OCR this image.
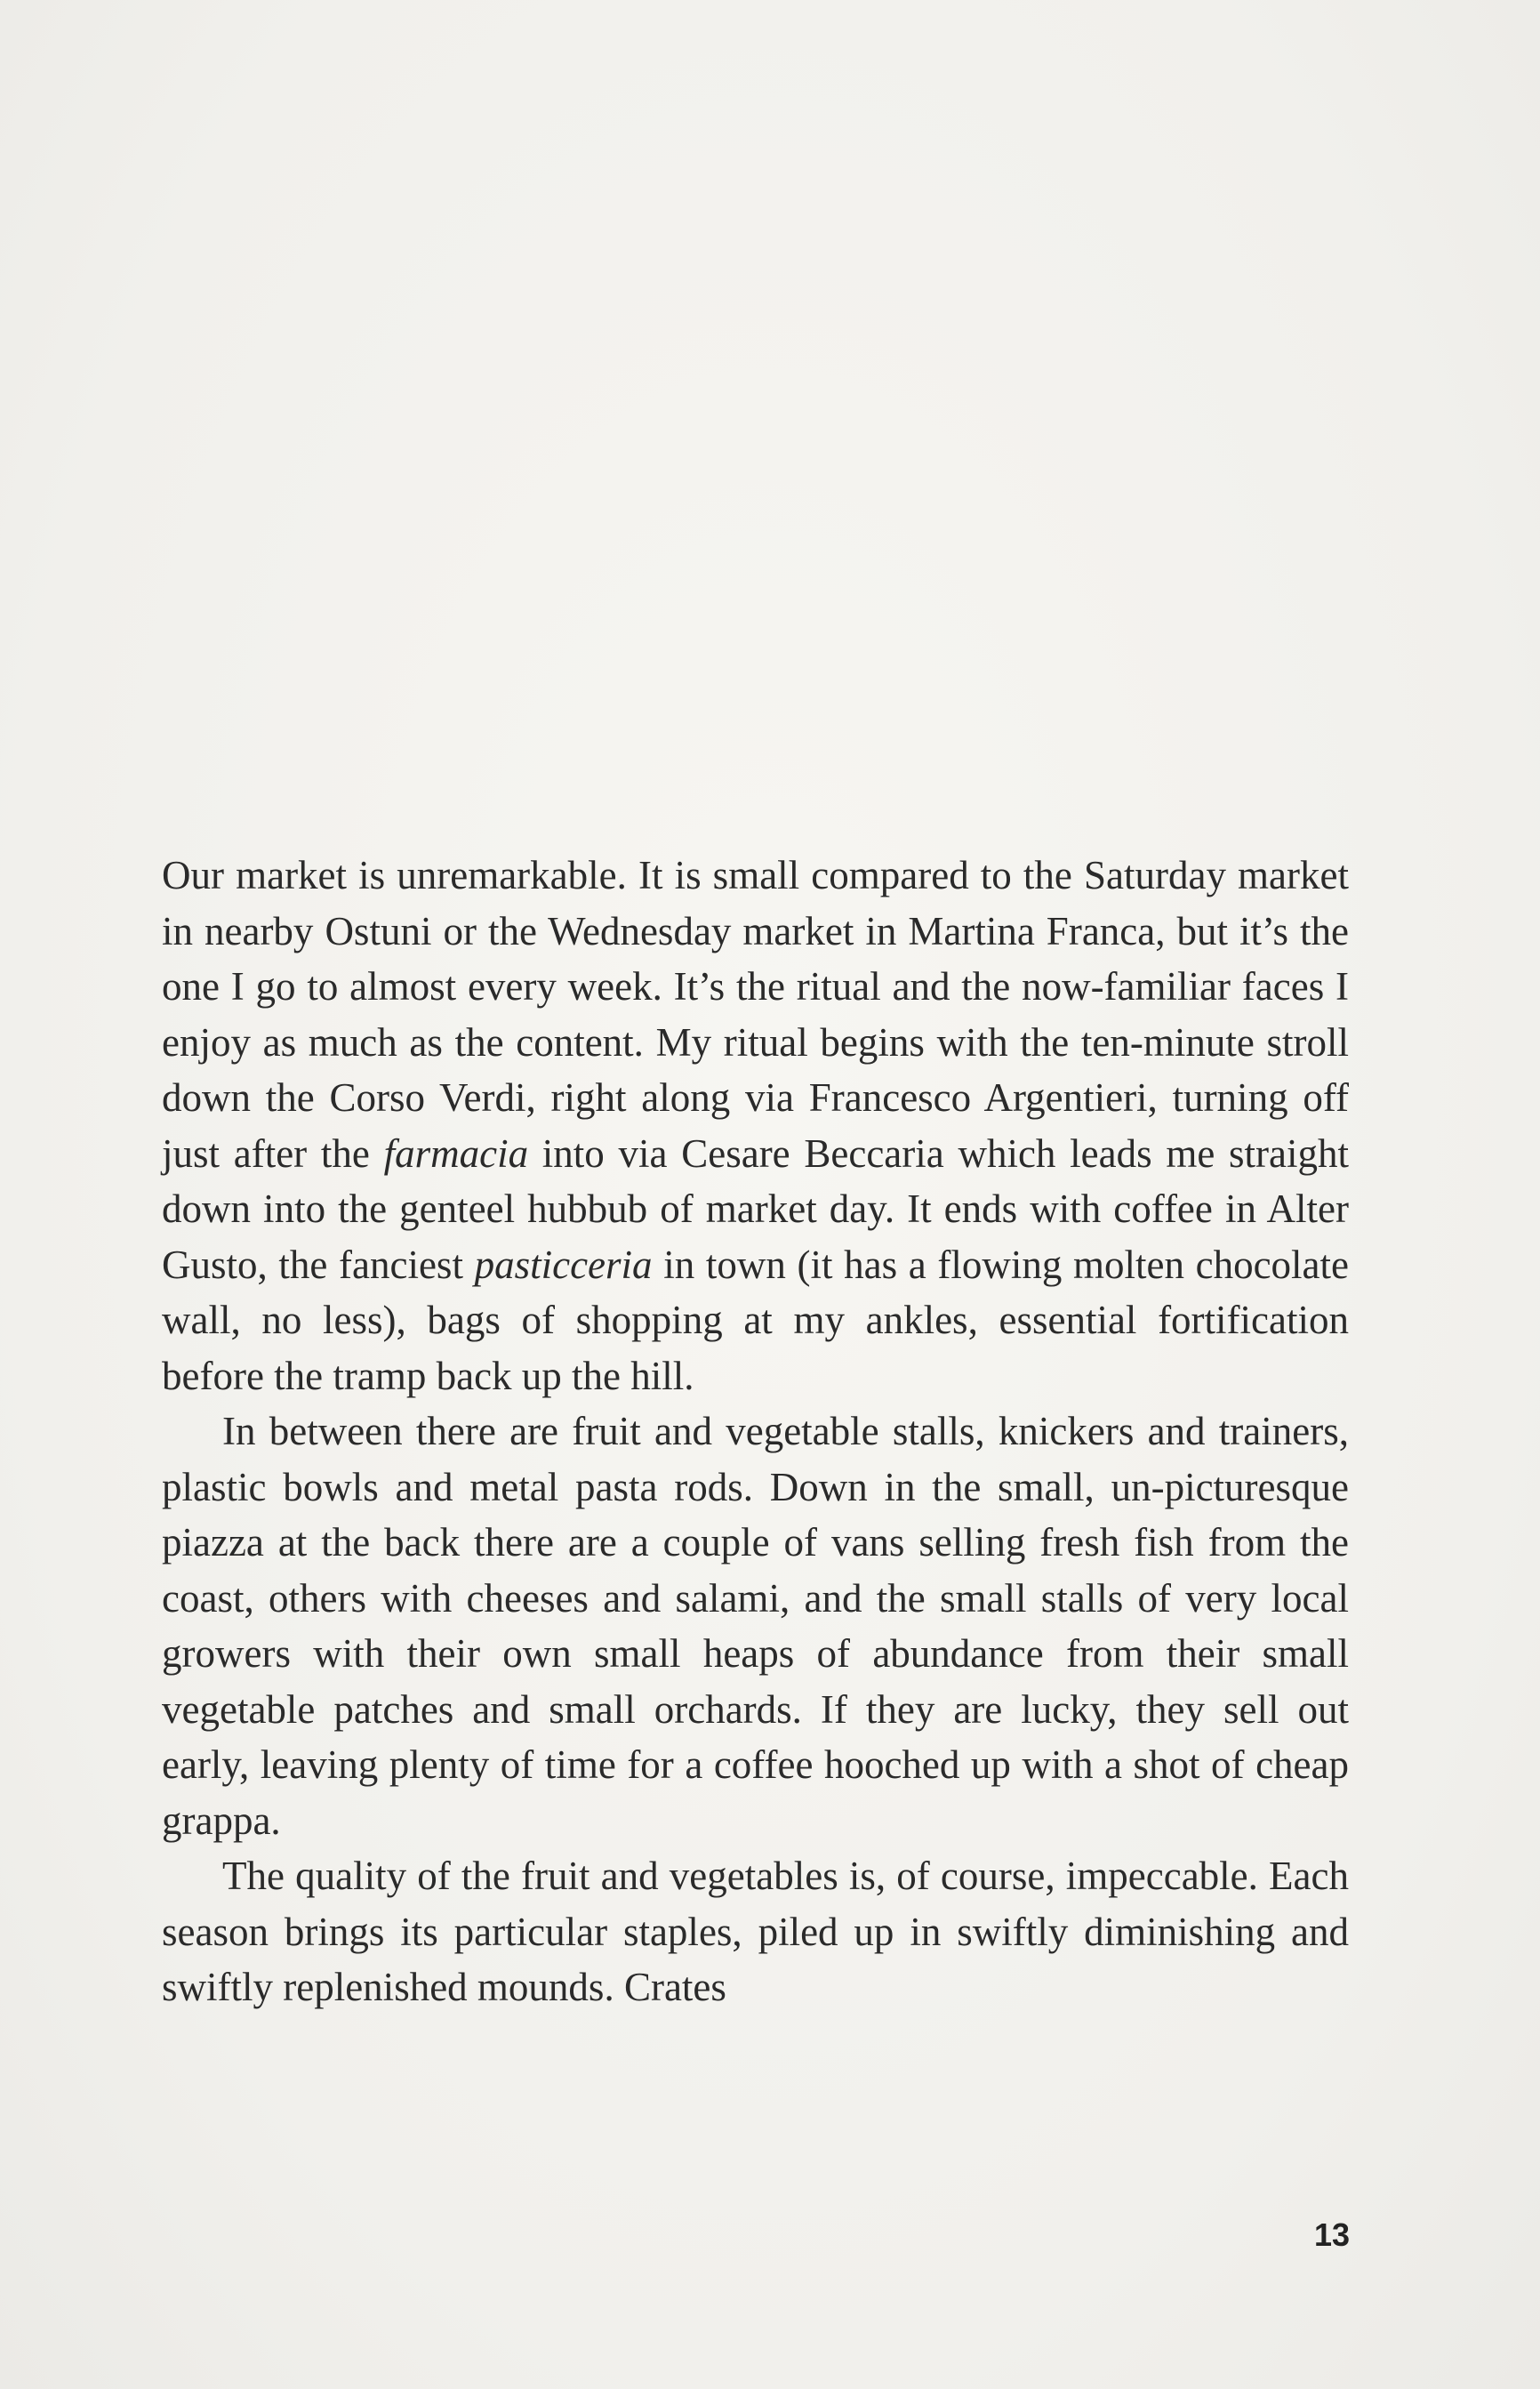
Our market is unremarkable. It is small compared to the Saturday market in nearby Ostuni or the Wednesday market in Martina Franca, but it’s the one I go to almost every week. It’s the ritual and the now-familiar faces I enjoy as much as the content. My ritual begins with the ten-minute stroll down the Corso Verdi, right along via Francesco Argentieri, turning off just after the farmacia into via Cesare Beccaria which leads me straight down into the genteel hubbub of market day. It ends with coffee in Alter Gusto, the fanciest pasticceria in town (it has a flowing molten chocolate wall, no less), bags of shopping at my ankles, essential fortification before the tramp back up the hill.

In between there are fruit and vegetable stalls, knickers and trainers, plastic bowls and metal pasta rods. Down in the small, un-picturesque piazza at the back there are a couple of vans selling fresh fish from the coast, others with cheeses and salami, and the small stalls of very local growers with their own small heaps of abundance from their small vegetable patches and small orchards. If they are lucky, they sell out early, leaving plenty of time for a coffee hooched up with a shot of cheap grappa.

The quality of the fruit and vegetables is, of course, impeccable. Each season brings its particular staples, piled up in swiftly diminishing and swiftly replenished mounds. Crates

13
